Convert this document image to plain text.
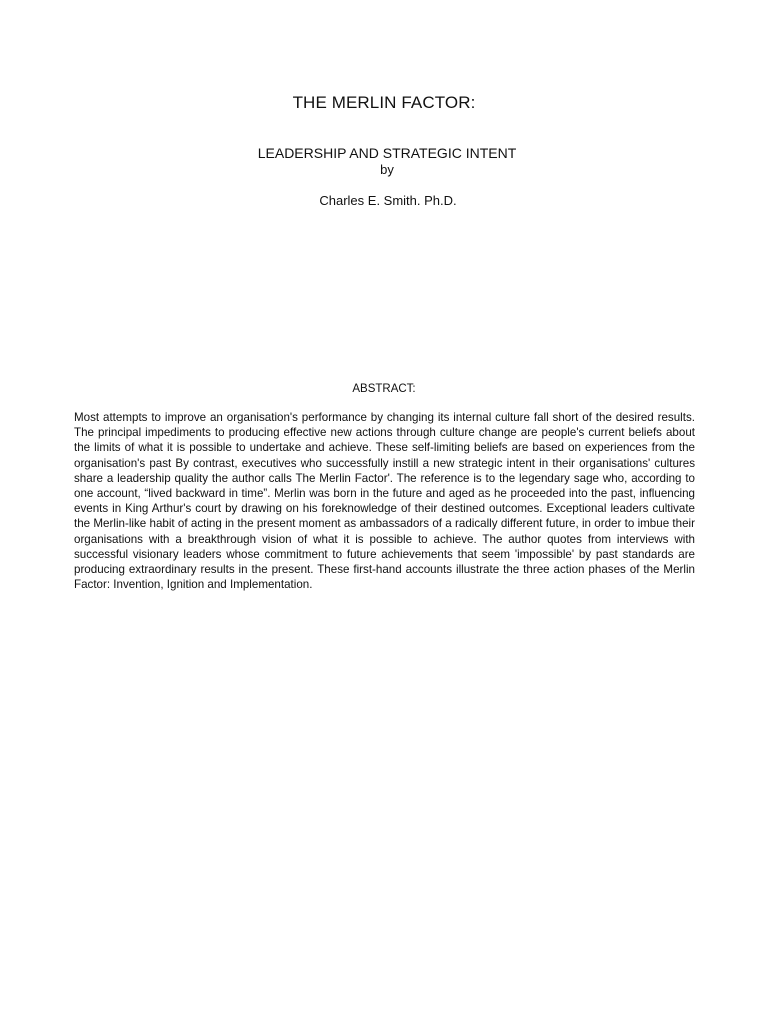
THE MERLIN FACTOR:
LEADERSHIP AND STRATEGIC INTENT

by

Charles E. Smith. Ph.D.

ABSTRACT:

Most attempts to improve an organisation's performance by changing its internal culture fall short of the desired results. The principal impediments to producing effective new actions through culture change are people's current beliefs about the limits of what it is possible to undertake and achieve. These self-limiting beliefs are based on experiences from the organisation's past By contrast, executives who successfully instill a new strategic intent in their organisations' cultures share a leadership quality the author calls The Merlin Factor'. The reference is to the legendary sage who, according to one account, “lived backward in time”. Merlin was born in the future and aged as he proceeded into the past, influencing events in King Arthur's court by drawing on his foreknowledge of their destined outcomes. Exceptional leaders cultivate the Merlin-like habit of acting in the present moment as ambassadors of a radically different future, in order to imbue their organisations with a breakthrough vision of what it is possible to achieve. The author quotes from interviews with successful visionary leaders whose commitment to future achievements that seem 'impossible' by past standards are producing extraordinary results in the present. These first-hand accounts illustrate the three action phases of the Merlin Factor: Invention, Ignition and Implementation.
